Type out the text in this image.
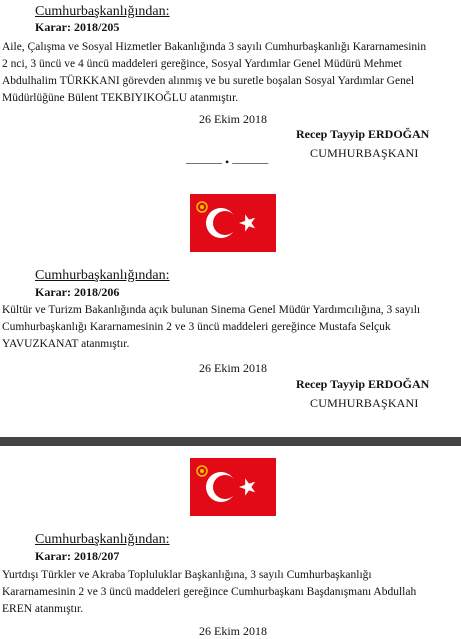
Cumhurbaşkanlığından:
Karar: 2018/205
Aile, Çalışma ve Sosyal Hizmetler Bakanlığında 3 sayılı Cumhurbaşkanlığı Kararnamesinin
2 nci, 3 üncü ve 4 üncü maddeleri gereğince, Sosyal Yardımlar Genel Müdürü Mehmet
Abdulhalim TÜRKKANI görevden alınmış ve bu suretle boşalan Sosyal Yardımlar Genel
Müdürlüğüne Bülent TEKBIYIKOĞLU atanmıştır.
26 Ekim 2018
Recep Tayyip ERDOĞAN
CUMHURBAŞKANI
——— • ———
Cumhurbaşkanlığından:
Karar: 2018/206
Kültür ve Turizm Bakanlığında açık bulunan Sinema Genel Müdür Yardımcılığına, 3 sayılı
Cumhurbaşkanlığı Kararnamesinin 2 ve 3 üncü maddeleri gereğince Mustafa Selçuk
YAVUZKANAT atanmıştır.
26 Ekim 2018
Recep Tayyip ERDOĞAN
CUMHURBAŞKANI
Cumhurbaşkanlığından:
Karar: 2018/207
Yurtdışı Türkler ve Akraba Topluluklar Başkanlığına, 3 sayılı Cumhurbaşkanlığı
Kararnamesinin 2 ve 3 üncü maddeleri gereğince Cumhurbaşkanı Başdanışmanı Abdullah
EREN atanmıştır.
26 Ekim 2018
